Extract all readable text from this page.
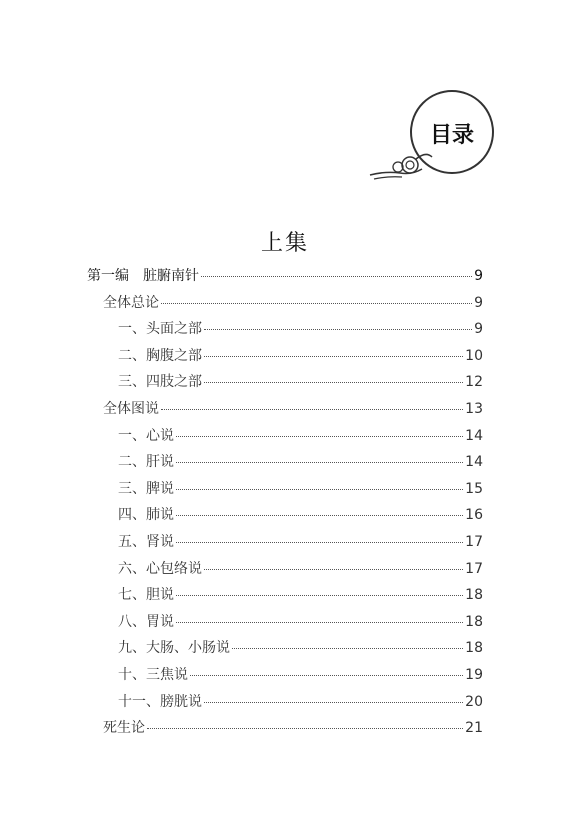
目录
上集
第一编　脏腑南针	9
全体总论	9
一、头面之部	9
二、胸腹之部	10
三、四肢之部	12
全体图说	13
一、心说	14
二、肝说	14
三、脾说	15
四、肺说	16
五、肾说	17
六、心包络说	17
七、胆说	18
八、胃说	18
九、大肠、小肠说	18
十、三焦说	19
十一、膀胱说	20
死生论	21
